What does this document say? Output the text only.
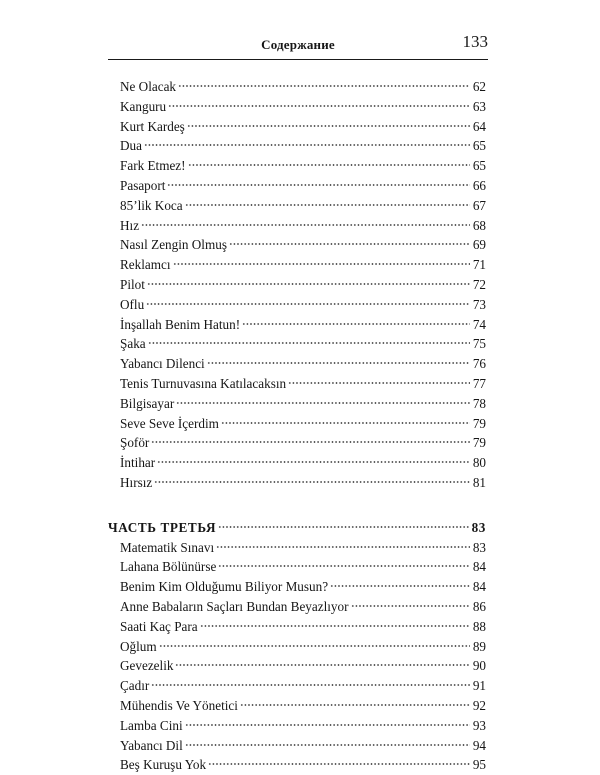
Содержание	133
Ne Olacak	62
Kanguru	63
Kurt Kardeş	64
Dua	65
Fark Etmez!	65
Pasaport	66
85’lik Koca	67
Hız	68
Nasıl Zengin Olmuş	69
Reklamcı	71
Pilot	72
Oflu	73
İnşallah Benim Hatun!	74
Şaka	75
Yabancı Dilenci	76
Tenis Turnuvasına Katılacaksın	77
Bilgisayar	78
Seve Seve İçerdim	79
Şoför	79
İntihar	80
Hırsız	81
ЧАСТЬ ТРЕТЬЯ	83
Matematik Sınavı	83
Lahana Bölünürse	84
Benim Kim Olduğumu Biliyor Musun?	84
Anne Babaların Saçları Bundan Beyazlıyor	86
Saati Kaç Para	88
Oğlum	89
Gevezelik	90
Çadır	91
Mühendis Ve Yönetici	92
Lamba Cini	93
Yabancı Dil	94
Beş Kuruşu Yok	95
